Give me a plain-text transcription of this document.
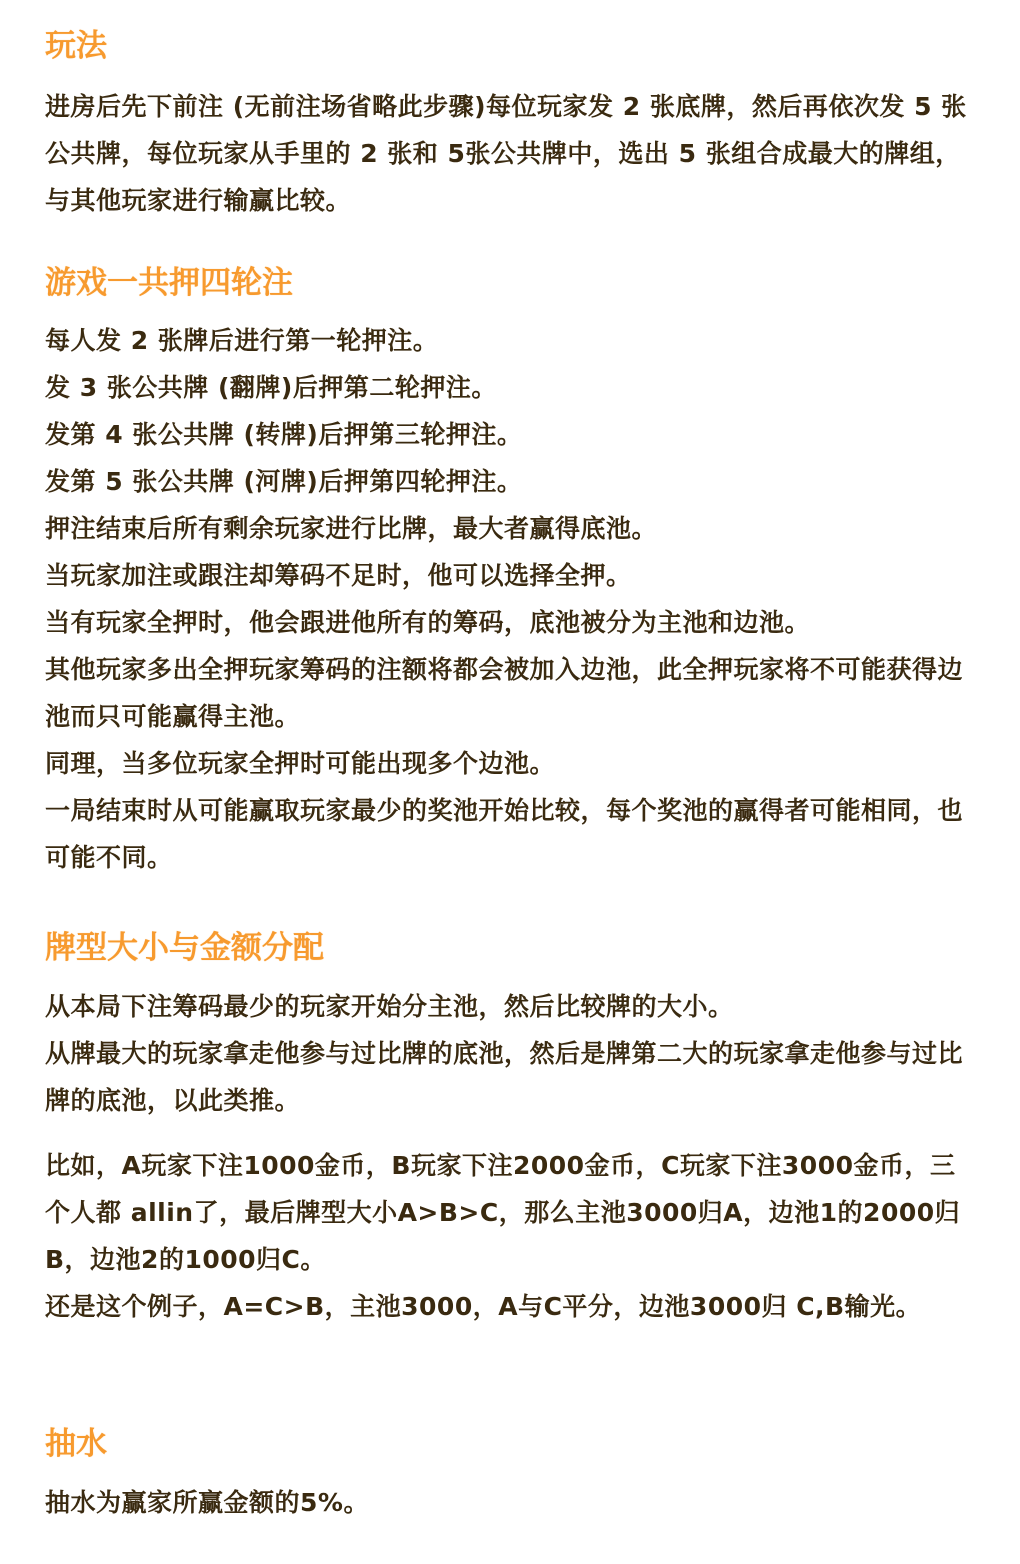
玩法

进房后先下前注 (无前注场省略此步骤)每位玩家发 2 张底牌，然后再依次发 5 张公共牌，每位玩家从手里的 2 张和 5张公共牌中，选出 5 张组合成最大的牌组，与其他玩家进行输赢比较。

游戏一共押四轮注

每人发 2 张牌后进行第一轮押注。

发 3 张公共牌 (翻牌)后押第二轮押注。

发第 4 张公共牌 (转牌)后押第三轮押注。

发第 5 张公共牌 (河牌)后押第四轮押注。

押注结束后所有剩余玩家进行比牌，最大者赢得底池。

当玩家加注或跟注却筹码不足时，他可以选择全押。

当有玩家全押时，他会跟进他所有的筹码，底池被分为主池和边池。

其他玩家多出全押玩家筹码的注额将都会被加入边池，此全押玩家将不可能获得边池而只可能赢得主池。

同理，当多位玩家全押时可能出现多个边池。

一局结束时从可能赢取玩家最少的奖池开始比较，每个奖池的赢得者可能相同，也可能不同。

牌型大小与金额分配

从本局下注筹码最少的玩家开始分主池，然后比较牌的大小。

从牌最大的玩家拿走他参与过比牌的底池，然后是牌第二大的玩家拿走他参与过比牌的底池，以此类推。

比如，A玩家下注1000金币，B玩家下注2000金币，C玩家下注3000金币，三个人都 allin了，最后牌型大小A>B>C，那么主池3000归A，边池1的2000归B，边池2的1000归C。

还是这个例子，A=C>B，主池3000，A与C平分，边池3000归 C,B输光。

抽水

抽水为赢家所赢金额的5%。
